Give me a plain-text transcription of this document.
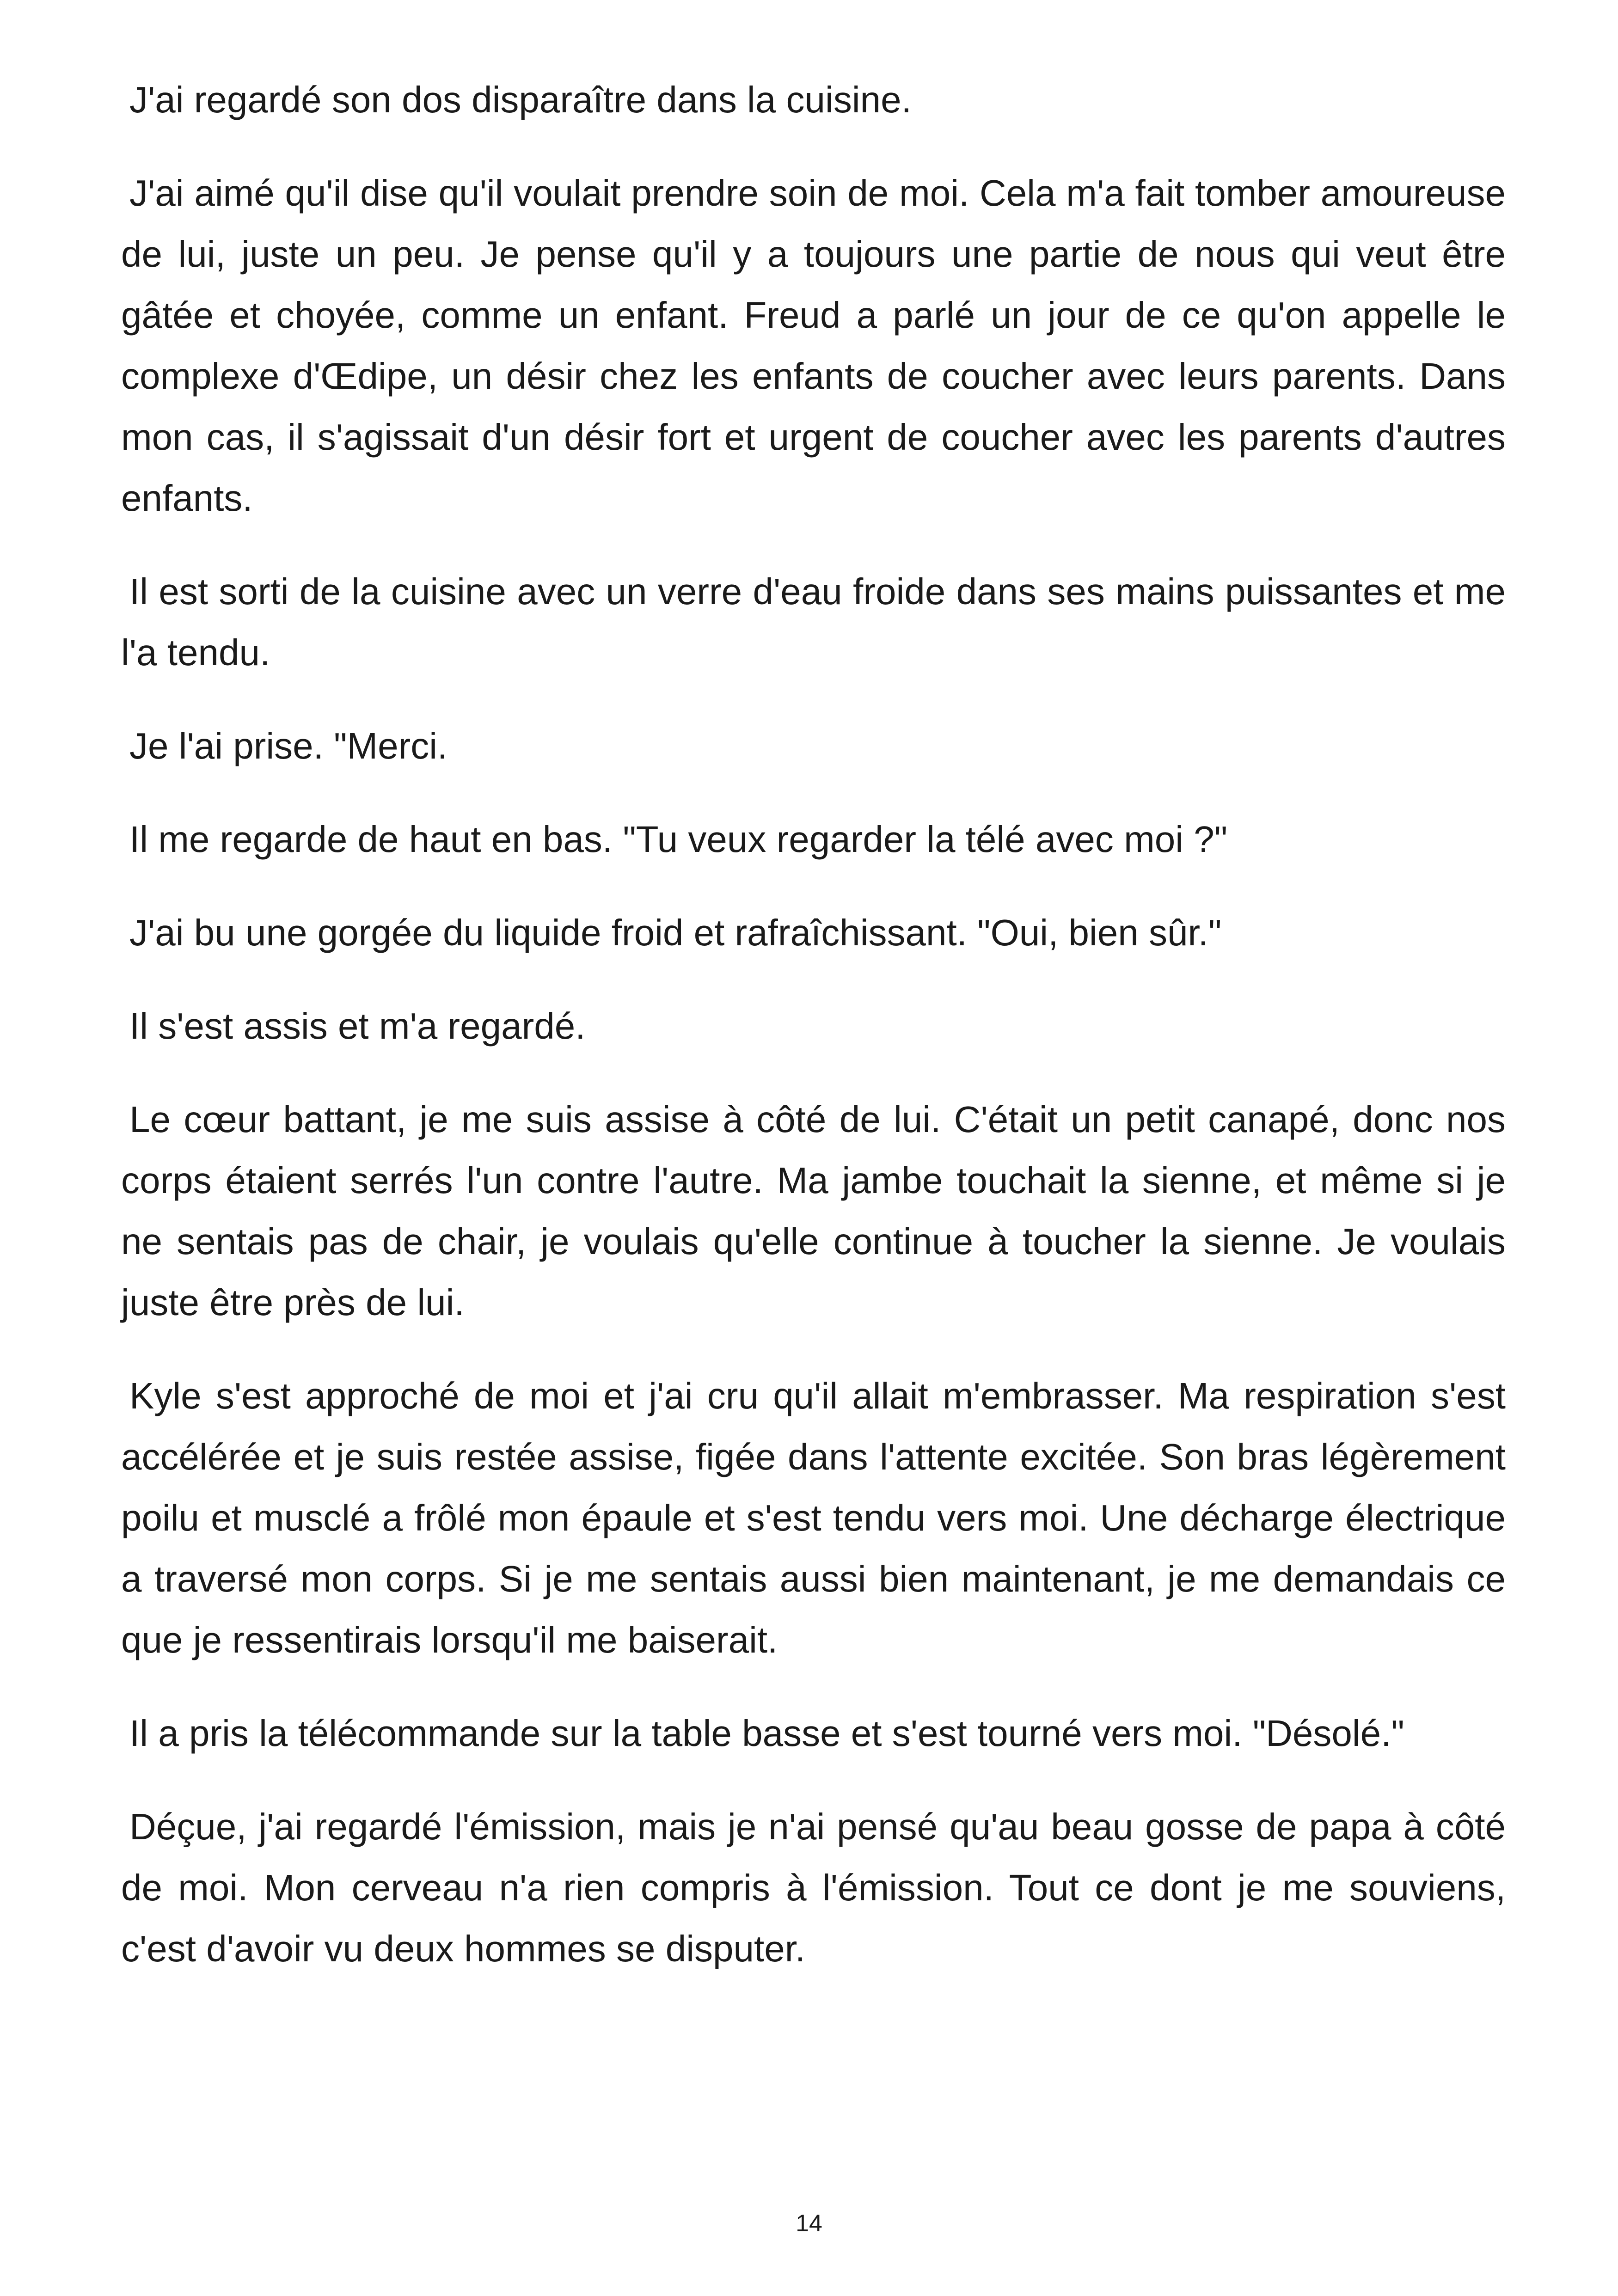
J'ai regardé son dos disparaître dans la cuisine.

J'ai aimé qu'il dise qu'il voulait prendre soin de moi. Cela m'a fait tomber amoureuse de lui, juste un peu. Je pense qu'il y a toujours une partie de nous qui veut être gâtée et choyée, comme un enfant. Freud a parlé un jour de ce qu'on appelle le complexe d'Œdipe, un désir chez les enfants de coucher avec leurs parents. Dans mon cas, il s'agissait d'un désir fort et urgent de coucher avec les parents d'autres enfants.

Il est sorti de la cuisine avec un verre d'eau froide dans ses mains puissantes et me l'a tendu.

Je l'ai prise. "Merci.

Il me regarde de haut en bas. "Tu veux regarder la télé avec moi ?"

J'ai bu une gorgée du liquide froid et rafraîchissant. "Oui, bien sûr."

Il s'est assis et m'a regardé.

Le cœur battant, je me suis assise à côté de lui. C'était un petit canapé, donc nos corps étaient serrés l'un contre l'autre. Ma jambe touchait la sienne, et même si je ne sentais pas de chair, je voulais qu'elle continue à toucher la sienne. Je voulais juste être près de lui.

Kyle s'est approché de moi et j'ai cru qu'il allait m'embrasser. Ma respiration s'est accélérée et je suis restée assise, figée dans l'attente excitée. Son bras légèrement poilu et musclé a frôlé mon épaule et s'est tendu vers moi. Une décharge électrique a traversé mon corps. Si je me sentais aussi bien maintenant, je me demandais ce que je ressentirais lorsqu'il me baiserait.

Il a pris la télécommande sur la table basse et s'est tourné vers moi. "Désolé."

Déçue, j'ai regardé l'émission, mais je n'ai pensé qu'au beau gosse de papa à côté de moi. Mon cerveau n'a rien compris à l'émission. Tout ce dont je me souviens, c'est d'avoir vu deux hommes se disputer.

14
